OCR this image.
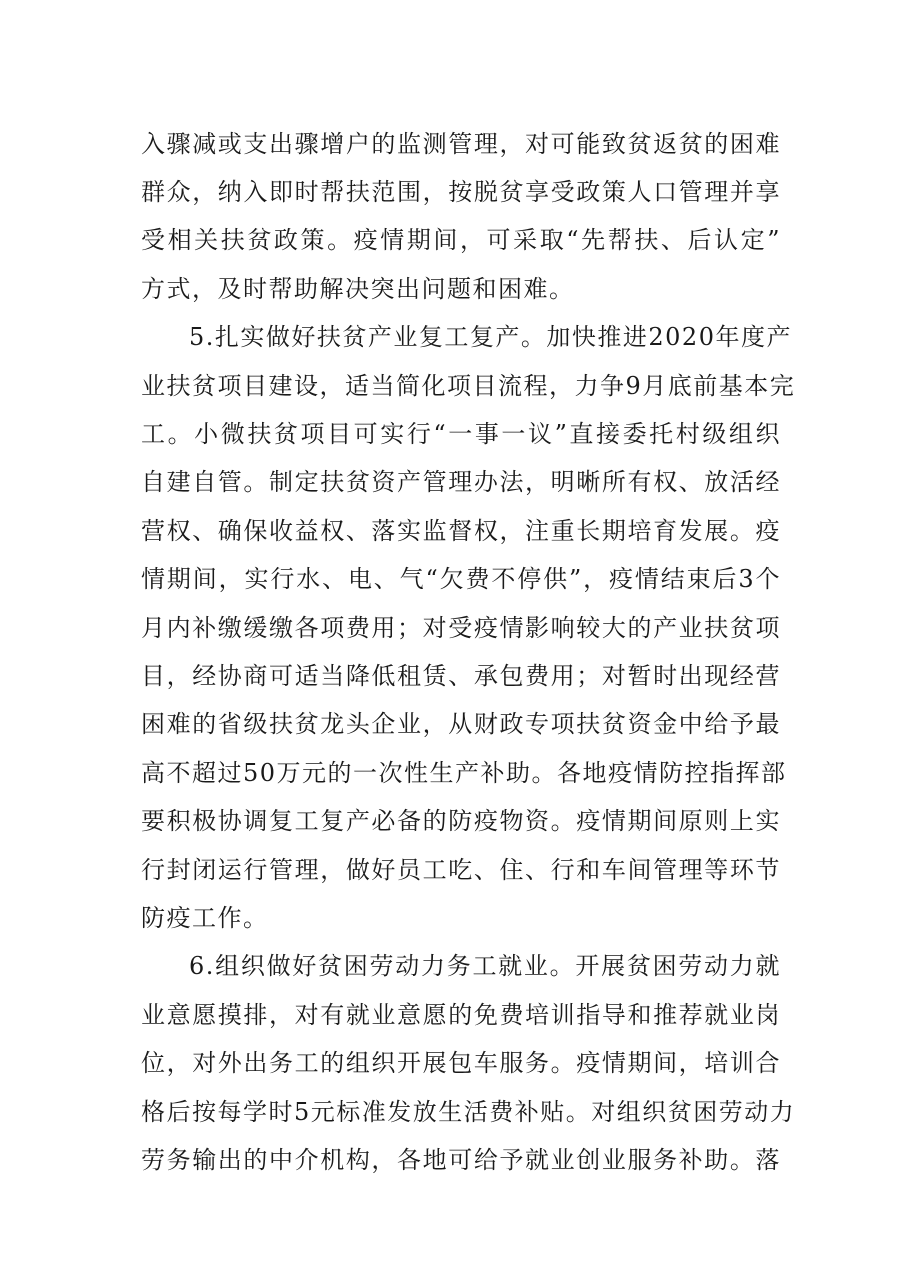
入骤减或支出骤增户的监测管理，对可能致贫返贫的困难
群众，纳入即时帮扶范围，按脱贫享受政策人口管理并享
受相关扶贫政策。疫情期间，可采取“先帮扶、后认定”
方式，及时帮助解决突出问题和困难。
5.扎实做好扶贫产业复工复产。加快推进2020年度产
业扶贫项目建设，适当简化项目流程，力争9月底前基本完
工。小微扶贫项目可实行“一事一议”直接委托村级组织
自建自管。制定扶贫资产管理办法，明晰所有权、放活经
营权、确保收益权、落实监督权，注重长期培育发展。疫
情期间，实行水、电、气“欠费不停供”，疫情结束后3个
月内补缴缓缴各项费用；对受疫情影响较大的产业扶贫项
目，经协商可适当降低租赁、承包费用；对暂时出现经营
困难的省级扶贫龙头企业，从财政专项扶贫资金中给予最
高不超过50万元的一次性生产补助。各地疫情防控指挥部
要积极协调复工复产必备的防疫物资。疫情期间原则上实
行封闭运行管理，做好员工吃、住、行和车间管理等环节
防疫工作。
6.组织做好贫困劳动力务工就业。开展贫困劳动力就
业意愿摸排，对有就业意愿的免费培训指导和推荐就业岗
位，对外出务工的组织开展包车服务。疫情期间，培训合
格后按每学时5元标准发放生活费补贴。对组织贫困劳动力
劳务输出的中介机构，各地可给予就业创业服务补助。落
